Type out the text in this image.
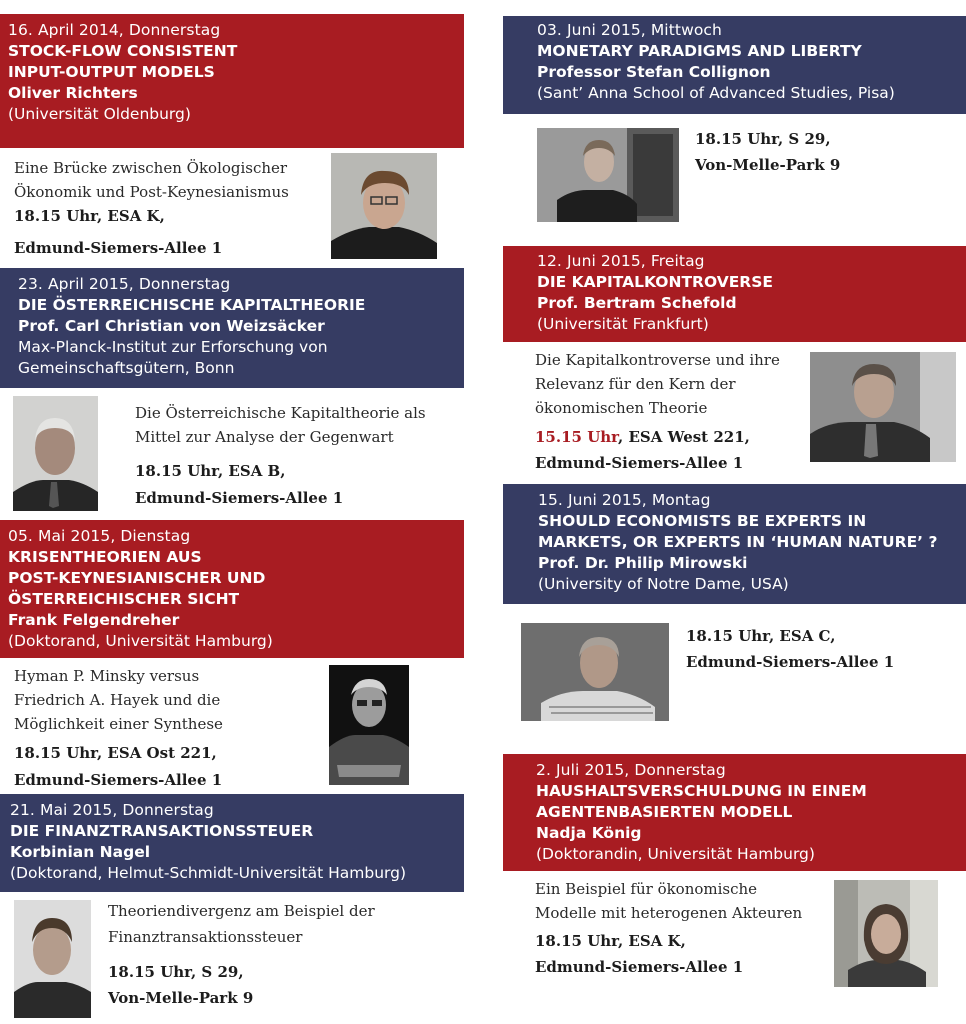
16. April 2014, Donnerstag
STOCK-FLOW CONSISTENT
INPUT-OUTPUT MODELS
Oliver Richters
(Universität Oldenburg)
Eine Brücke zwischen Ökologischer
Ökonomik und Post-Keynesianismus
18.15 Uhr, ESA K,
Edmund-Siemers-Allee 1
23. April 2015, Donnerstag
DIE ÖSTERREICHISCHE KAPITALTHEORIE
Prof. Carl Christian von Weizsäcker
Max-Planck-Institut zur Erforschung von
Gemeinschaftsgütern, Bonn
Die Österreichische Kapitaltheorie als
Mittel zur Analyse der Gegenwart
18.15 Uhr, ESA B,
Edmund-Siemers-Allee 1
05. Mai 2015, Dienstag
KRISENTHEORIEN AUS
POST-KEYNESIANISCHER UND
ÖSTERREICHISCHER SICHT
Frank Felgendreher
(Doktorand, Universität Hamburg)
Hyman P. Minsky versus
Friedrich A. Hayek und die
Möglichkeit einer Synthese
18.15 Uhr, ESA Ost 221,
Edmund-Siemers-Allee 1
21. Mai 2015, Donnerstag
DIE FINANZTRANSAKTIONSSTEUER
Korbinian Nagel
(Doktorand, Helmut-Schmidt-Universität Hamburg)
Theoriendivergenz am Beispiel der
Finanztransaktionssteuer
18.15 Uhr, S 29,
Von-Melle-Park 9
03. Juni 2015, Mittwoch
MONETARY PARADIGMS AND LIBERTY
Professor Stefan Collignon
(Sant’ Anna School of Advanced Studies, Pisa)
18.15 Uhr, S 29,
Von-Melle-Park 9
12. Juni 2015, Freitag
DIE KAPITALKONTROVERSE
Prof. Bertram Schefold
(Universität Frankfurt)
Die Kapitalkontroverse und ihre
Relevanz für den Kern der
ökonomischen Theorie
15.15 Uhr, ESA West 221,
Edmund-Siemers-Allee 1
15. Juni 2015, Montag
SHOULD ECONOMISTS BE EXPERTS IN
MARKETS, OR EXPERTS IN ‘HUMAN NATURE’ ?
Prof. Dr. Philip Mirowski
(University of Notre Dame, USA)
18.15 Uhr, ESA C,
Edmund-Siemers-Allee 1
2. Juli 2015, Donnerstag
HAUSHALTSVERSCHULDUNG IN EINEM
AGENTENBASIERTEN MODELL
Nadja König
(Doktorandin, Universität Hamburg)
Ein Beispiel für ökonomische
Modelle mit heterogenen Akteuren
18.15 Uhr, ESA K,
Edmund-Siemers-Allee 1
